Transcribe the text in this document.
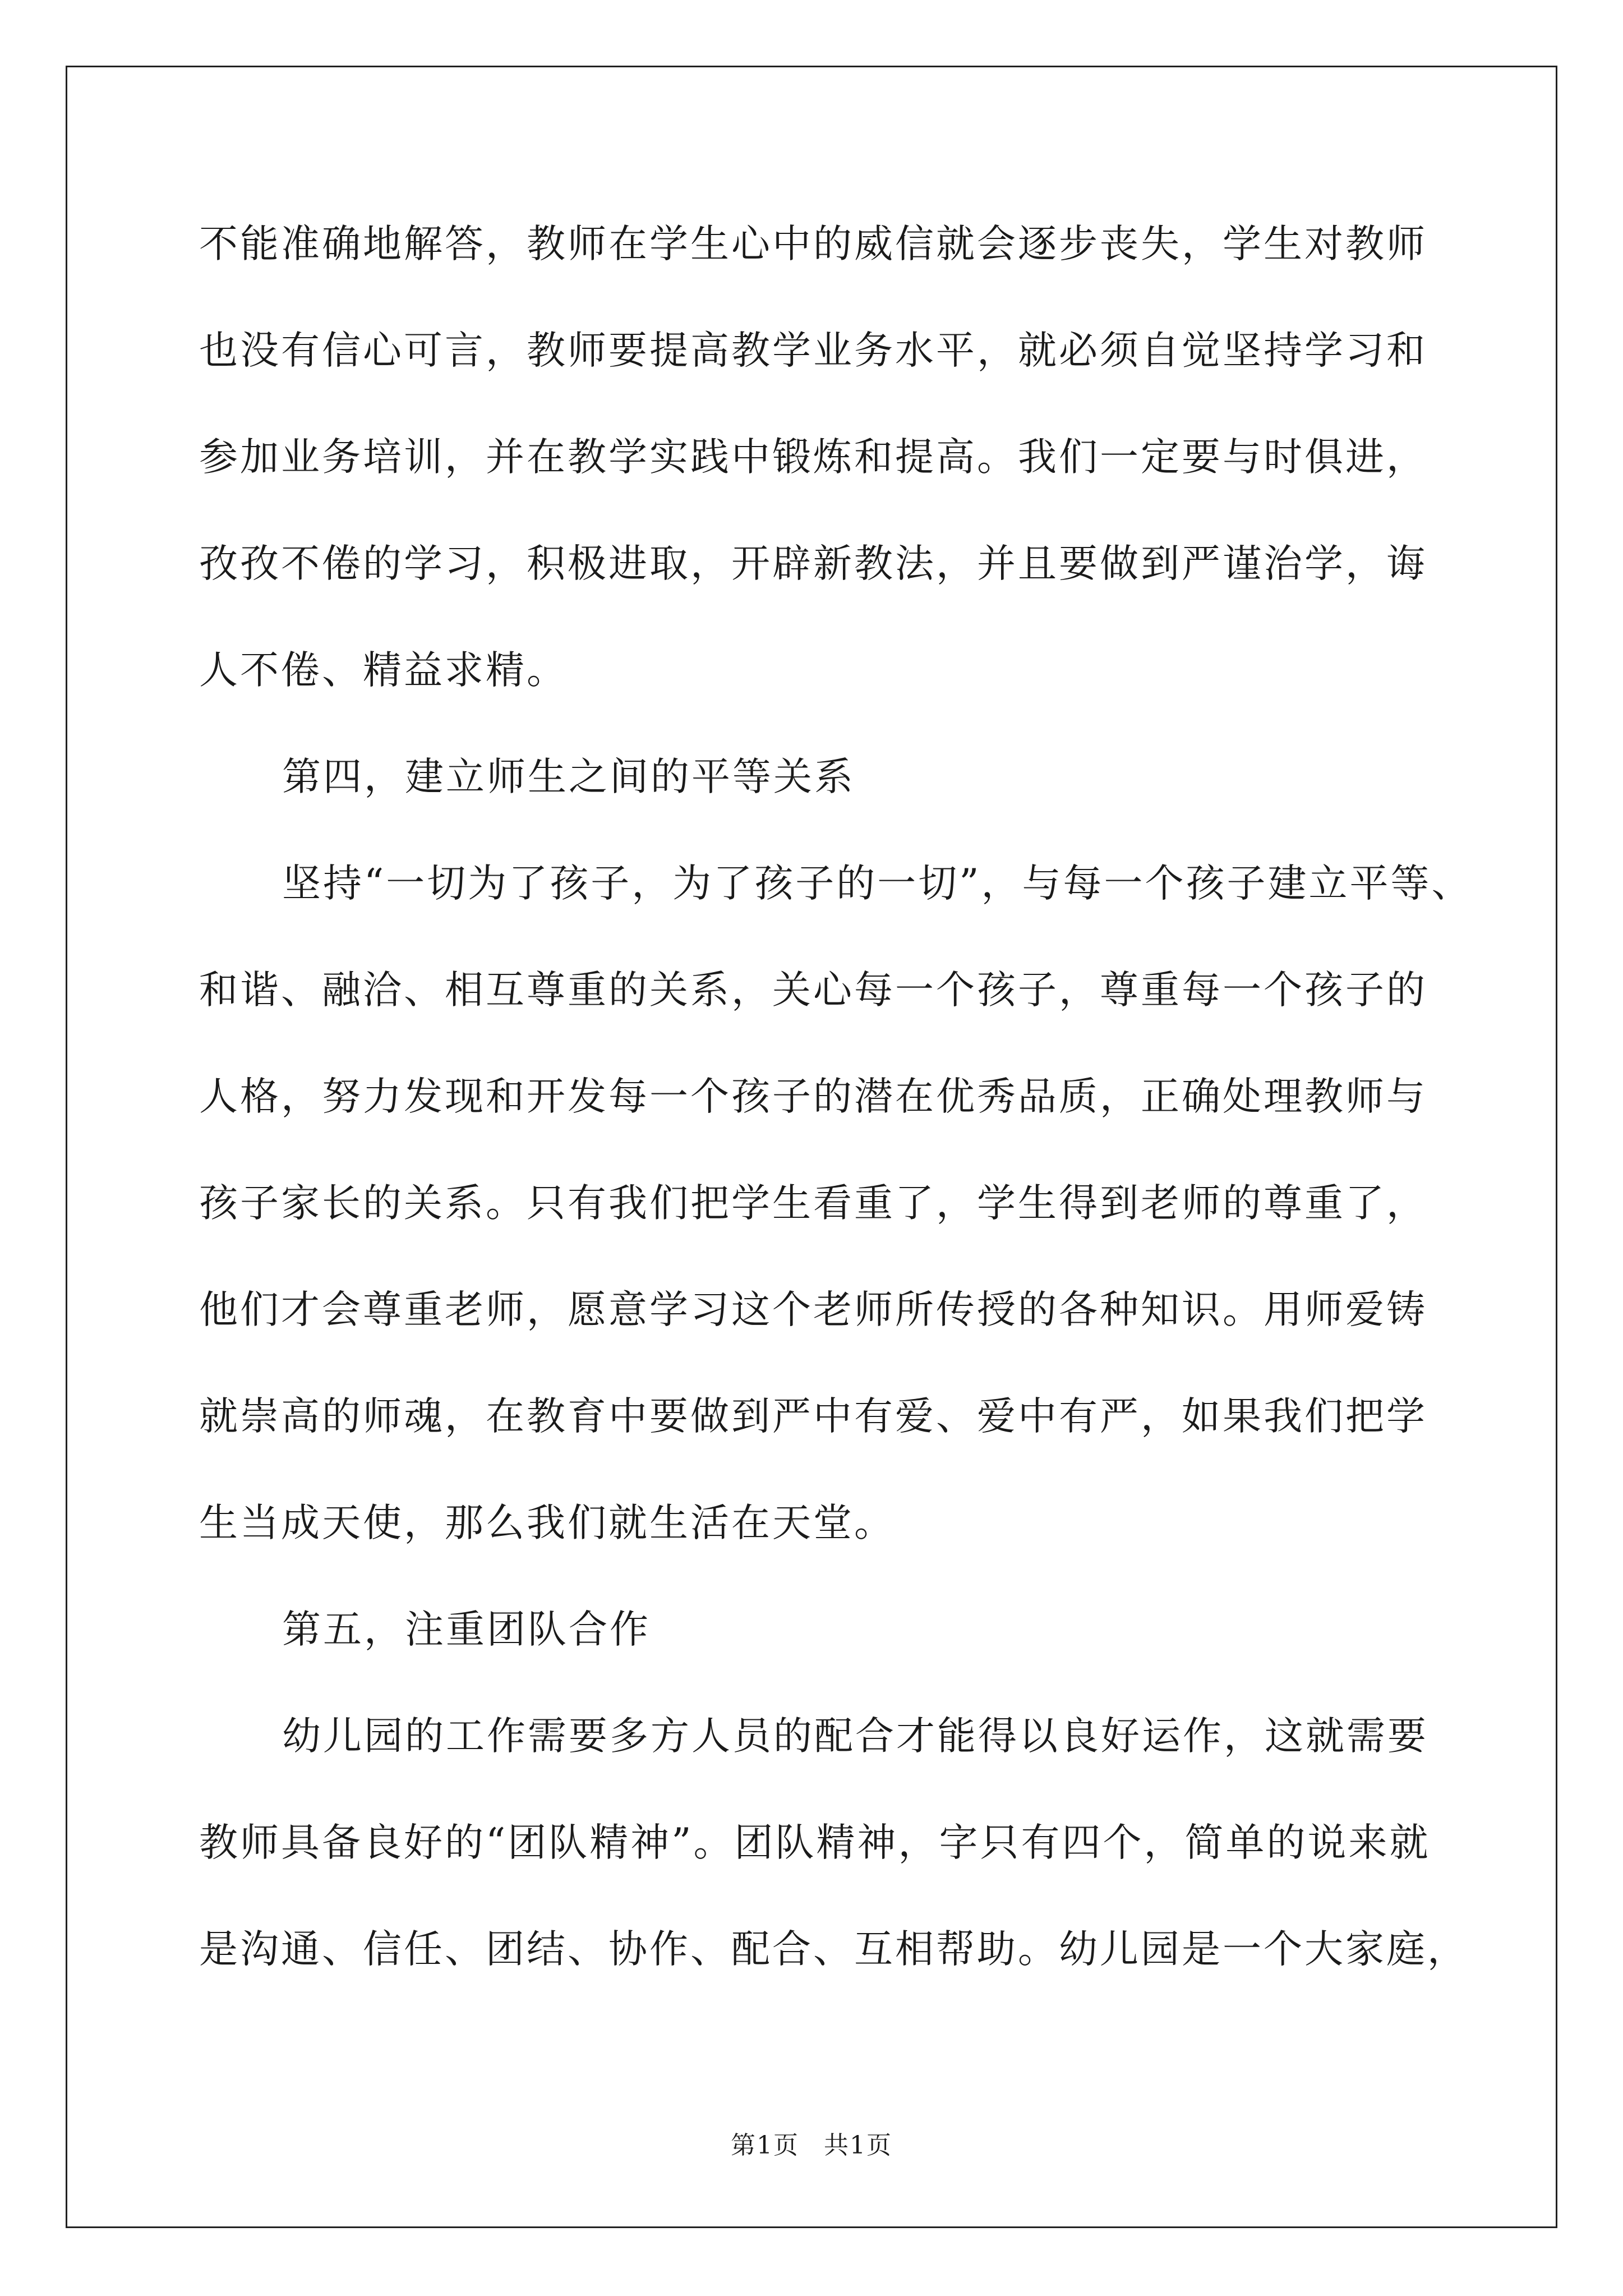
不能准确地解答，教师在学生心中的威信就会逐步丧失，学生对教师
也没有信心可言，教师要提高教学业务水平，就必须自觉坚持学习和
参加业务培训，并在教学实践中锻炼和提高。我们一定要与时俱进，
孜孜不倦的学习，积极进取，开辟新教法，并且要做到严谨治学，诲
人不倦、精益求精。
第四，建立师生之间的平等关系
坚持“一切为了孩子，为了孩子的一切”，与每一个孩子建立平等、
和谐、融洽、相互尊重的关系，关心每一个孩子，尊重每一个孩子的
人格，努力发现和开发每一个孩子的潜在优秀品质，正确处理教师与
孩子家长的关系。只有我们把学生看重了，学生得到老师的尊重了，
他们才会尊重老师，愿意学习这个老师所传授的各种知识。用师爱铸
就崇高的师魂，在教育中要做到严中有爱、爱中有严，如果我们把学
生当成天使，那么我们就生活在天堂。
第五，注重团队合作
幼儿园的工作需要多方人员的配合才能得以良好运作，这就需要
教师具备良好的“团队精神”。团队精神，字只有四个，简单的说来就
是沟通、信任、团结、协作、配合、互相帮助。幼儿园是一个大家庭，
第1页 共1页
